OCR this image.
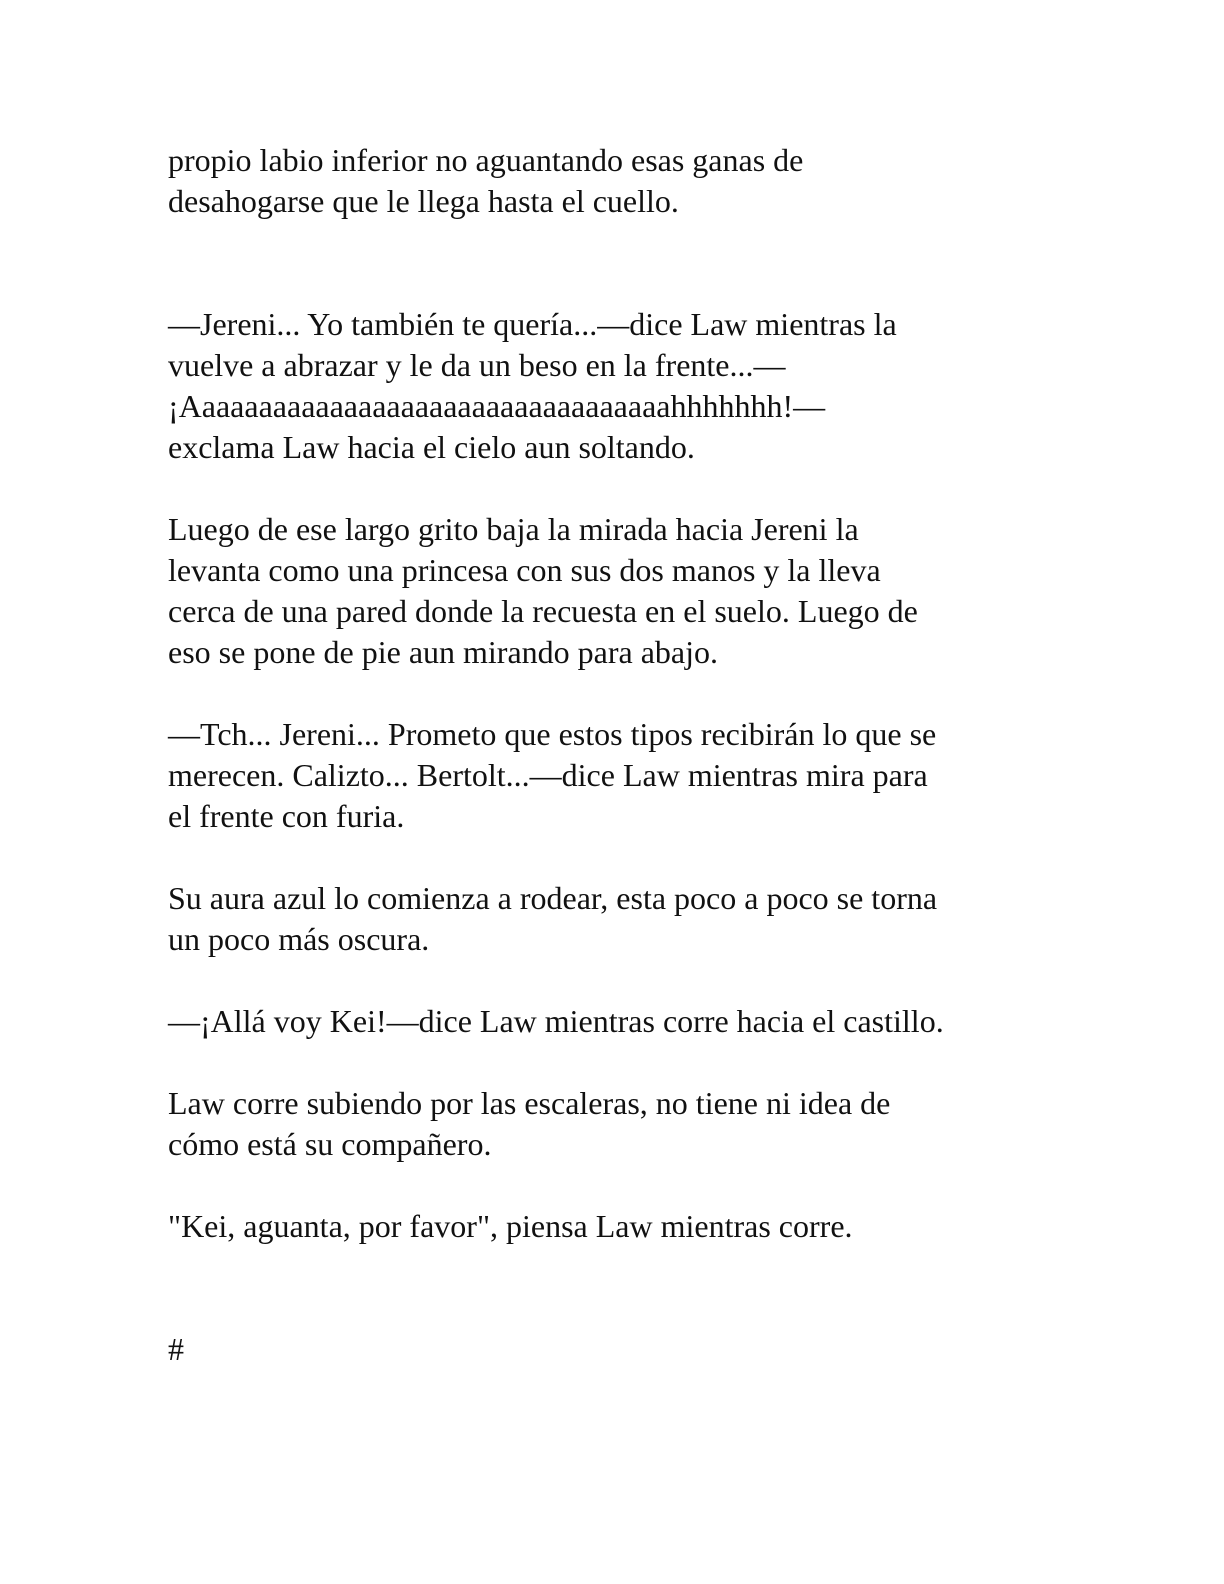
propio labio inferior no aguantando esas ganas de
desahogarse que le llega hasta el cuello.

—Jereni... Yo también te quería...—dice Law mientras la
vuelve a abrazar y le da un beso en la frente...—
¡Aaaaaaaaaaaaaaaaaaaaaaaaaaaaaaaaaahhhhhhh!—
exclama Law hacia el cielo aun soltando.

Luego de ese largo grito baja la mirada hacia Jereni la
levanta como una princesa con sus dos manos y la lleva
cerca de una pared donde la recuesta en el suelo. Luego de
eso se pone de pie aun mirando para abajo.

—Tch... Jereni... Prometo que estos tipos recibirán lo que se
merecen. Calizto... Bertolt...—dice Law mientras mira para
el frente con furia.

Su aura azul lo comienza a rodear, esta poco a poco se torna
un poco más oscura.

—¡Allá voy Kei!—dice Law mientras corre hacia el castillo.

Law corre subiendo por las escaleras, no tiene ni idea de
cómo está su compañero.

"Kei, aguanta, por favor", piensa Law mientras corre.

#
